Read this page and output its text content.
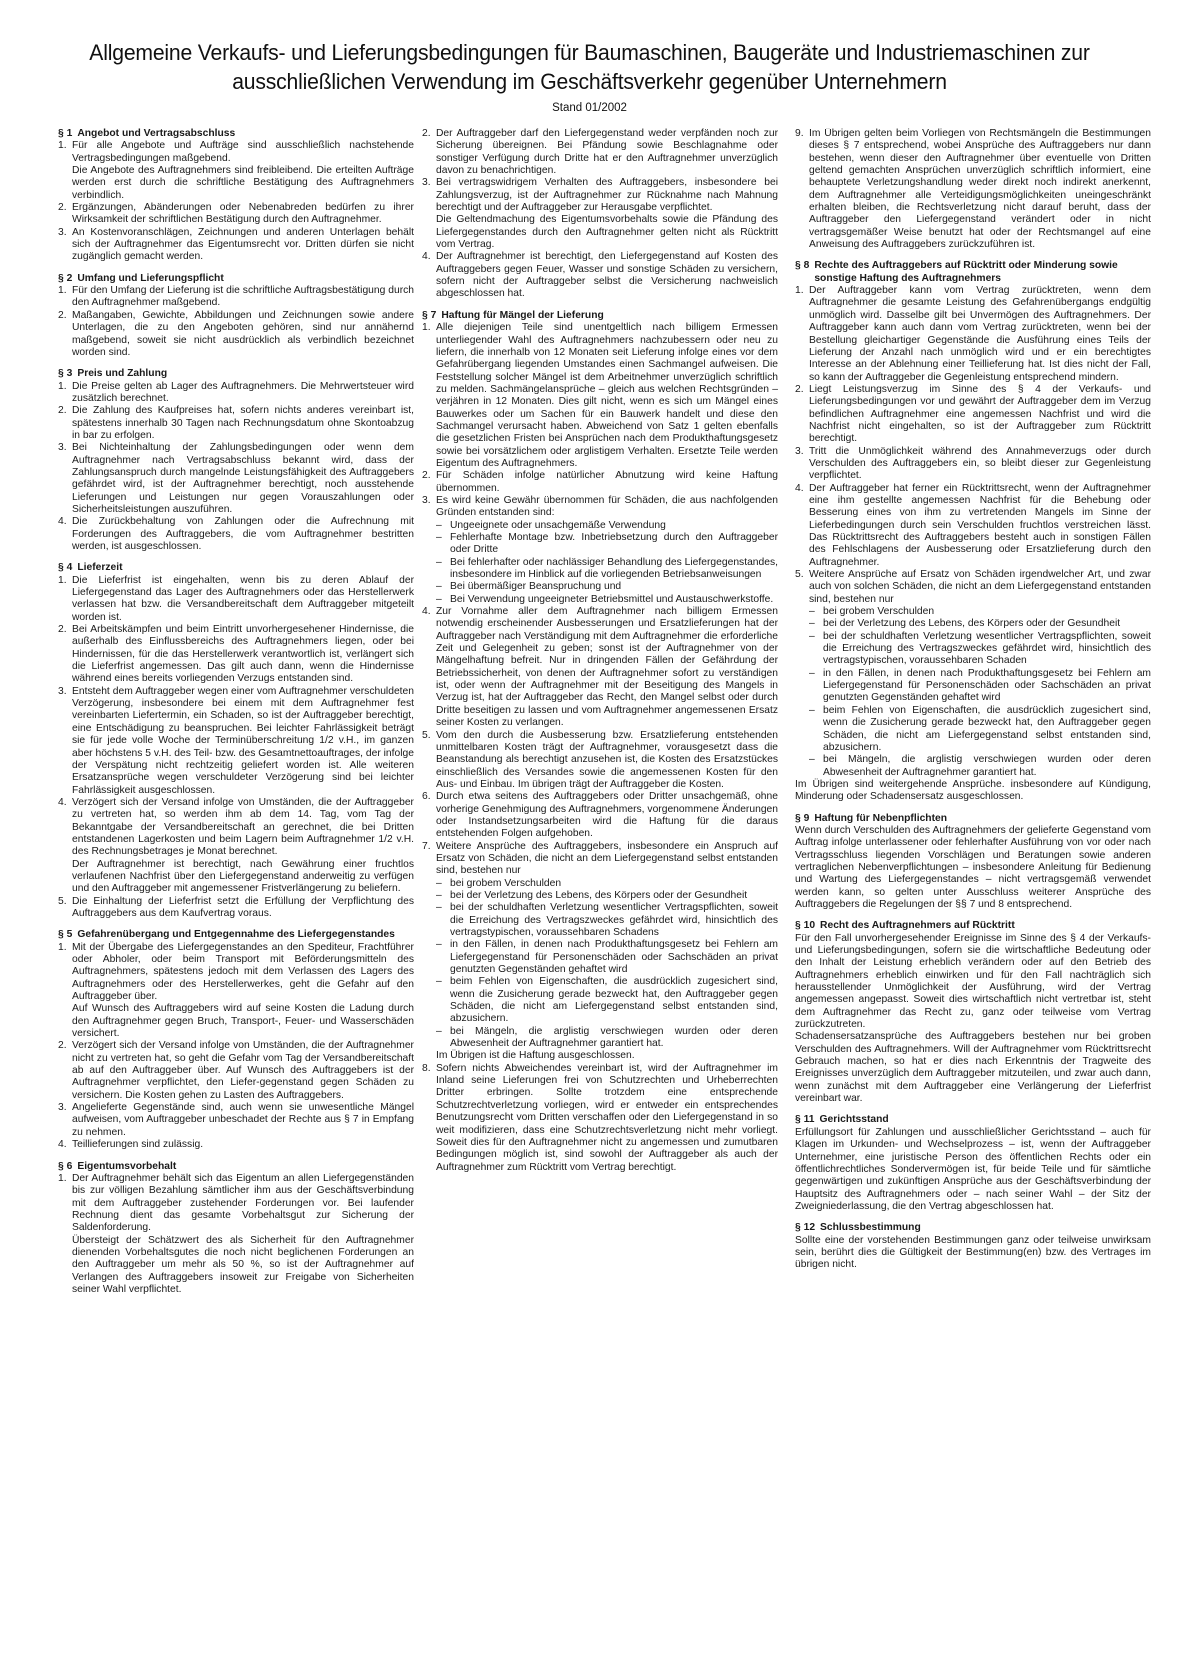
Allgemeine Verkaufs- und Lieferungsbedingungen für Baumaschinen, Baugeräte und Industriemaschinen zur
ausschließlichen Verwendung im Geschäftsverkehr gegenüber Unternehmern
Stand 01/2002
§ 1 Angebot und Vertragsabschluss
1. Für alle Angebote und Aufträge sind ausschließlich nachstehende Vertragsbedingungen maßgebend.

Die Angebote des Auftragnehmers sind freibleibend. Die erteilten Aufträge werden erst durch die schriftliche Bestätigung des Auftragnehmers verbindlich.

2. Ergänzungen, Abänderungen oder Nebenabreden bedürfen zu ihrer Wirksamkeit der schriftlichen Bestätigung durch den Auftragnehmer.
3. An Kostenvoranschlägen, Zeichnungen und anderen Unterlagen behält sich der Auftragnehmer das Eigentumsrecht vor. Dritten dürfen sie nicht zugänglich gemacht werden.
§ 2 Umfang und Lieferungspflicht
1. Für den Umfang der Lieferung ist die schriftliche Auftragsbestätigung durch den Auftragnehmer maßgebend.
2. Maßangaben, Gewichte, Abbildungen und Zeichnungen sowie andere Unterlagen, die zu den Angeboten gehören, sind nur annähernd maßgebend, soweit sie nicht ausdrücklich als verbindlich bezeichnet worden sind.
§ 3 Preis und Zahlung
1. Die Preise gelten ab Lager des Auftragnehmers. Die Mehrwertsteuer wird zusätzlich berechnet.
2. Die Zahlung des Kaufpreises hat, sofern nichts anderes vereinbart ist, spätestens innerhalb 30 Tagen nach Rechnungsdatum ohne Skontoabzug in bar zu erfolgen.
3. Bei Nichteinhaltung der Zahlungsbedingungen oder wenn dem Auftragnehmer nach Vertragsabschluss bekannt wird, dass der Zahlungsanspruch durch mangelnde Leistungsfähigkeit des Auftraggebers gefährdet wird, ist der Auftragnehmer berechtigt, noch ausstehende Lieferungen und Leistungen nur gegen Vorauszahlungen oder Sicherheitsleistungen auszuführen.
4. Die Zurückbehaltung von Zahlungen oder die Aufrechnung mit Forderungen des Auftraggebers, die vom Auftragnehmer bestritten werden, ist ausgeschlossen.
§ 4 Lieferzeit
1. Die Lieferfrist ist eingehalten, wenn bis zu deren Ablauf der Liefergegenstand das Lager des Auftragnehmers oder das Herstellerwerk verlassen hat bzw. die Versandbereitschaft dem Auftraggeber mitgeteilt worden ist.
2. Bei Arbeitskämpfen und beim Eintritt unvorhergesehener Hindernisse, die außerhalb des Einflussbereichs des Auftragnehmers liegen, oder bei Hindernissen, für die das Herstellerwerk verantwortlich ist, verlängert sich die Lieferfrist angemessen. Das gilt auch dann, wenn die Hindernisse während eines bereits vorliegenden Verzugs entstanden sind.
3. Entsteht dem Auftraggeber wegen einer vom Auftragnehmer verschuldeten Verzögerung, insbesondere bei einem mit dem Auftragnehmer fest vereinbarten Liefertermin, ein Schaden, so ist der Auftraggeber berechtigt, eine Entschädigung zu beanspruchen. Bei leichter Fahrlässigkeit beträgt sie für jede volle Woche der Terminüberschreitung 1/2 v.H., im ganzen aber höchstens 5 v.H. des Teil- bzw. des Gesamtnettoauftrages, der infolge der Verspätung nicht rechtzeitig geliefert worden ist. Alle weiteren Ersatzansprüche wegen verschuldeter Verzögerung sind bei leichter Fahrlässigkeit ausgeschlossen.
4. Verzögert sich der Versand infolge von Umständen, die der Auftraggeber zu vertreten hat, so werden ihm ab dem 14. Tag, vom Tag der Bekanntgabe der Versandbereitschaft an gerechnet, die bei Dritten entstandenen Lagerkosten und beim Lagern beim Auftragnehmer 1/2 v.H. des Rechnungsbetrages je Monat berechnet.

Der Auftragnehmer ist berechtigt, nach Gewährung einer fruchtlos verlaufenen Nachfrist über den Liefergegenstand anderweitig zu verfügen und den Auftraggeber mit angemessener Fristverlängerung zu beliefern.

5. Die Einhaltung der Lieferfrist setzt die Erfüllung der Verpflichtung des Auftraggebers aus dem Kaufvertrag voraus.
§ 5 Gefahrenübergang und Entgegennahme des Liefergegenstandes
1. Mit der Übergabe des Liefergegenstandes an den Spediteur, Frachtführer oder Abholer, oder beim Transport mit Beförderungsmitteln des Auftragnehmers, spätestens jedoch mit dem Verlassen des Lagers des Auftragnehmers oder des Herstellerwerkes, geht die Gefahr auf den Auftraggeber über.

Auf Wunsch des Auftraggebers wird auf seine Kosten die Ladung durch den Auftragnehmer gegen Bruch, Transport-, Feuer- und Wasserschäden versichert.

2. Verzögert sich der Versand infolge von Umständen, die der Auftragnehmer nicht zu vertreten hat, so geht die Gefahr vom Tag der Versandbereitschaft ab auf den Auftraggeber über. Auf Wunsch des Auftraggebers ist der Auftragnehmer verpflichtet, den Liefer-gegenstand gegen Schäden zu versichern. Die Kosten gehen zu Lasten des Auftraggebers.
3. Angelieferte Gegenstände sind, auch wenn sie unwesentliche Mängel aufweisen, vom Auftraggeber unbeschadet der Rechte aus § 7 in Empfang zu nehmen.
4. Teillieferungen sind zulässig.
§ 6 Eigentumsvorbehalt
1. Der Auftragnehmer behält sich das Eigentum an allen Liefergegenständen bis zur völligen Bezahlung sämtlicher ihm aus der Geschäftsverbindung mit dem Auftraggeber zustehender Forderungen vor. Bei laufender Rechnung dient das gesamte Vorbehaltsgut zur Sicherung der Saldenforderung.

Übersteigt der Schätzwert des als Sicherheit für den Auftragnehmer dienenden Vorbehaltsgutes die noch nicht beglichenen Forderungen an den Auftraggeber um mehr als 50 %, so ist der Auftragnehmer auf Verlangen des Auftraggebers insoweit zur Freigabe von Sicherheiten seiner Wahl verpflichtet.

2. Der Auftraggeber darf den Liefergegenstand weder verpfänden noch zur Sicherung übereignen. Bei Pfändung sowie Beschlagnahme oder sonstiger Verfügung durch Dritte hat er den Auftragnehmer unverzüglich davon zu benachrichtigen.
3. Bei vertragswidrigem Verhalten des Auftraggebers, insbesondere bei Zahlungsverzug, ist der Auftragnehmer zur Rücknahme nach Mahnung berechtigt und der Auftraggeber zur Herausgabe verpflichtet.

Die Geltendmachung des Eigentumsvorbehalts sowie die Pfändung des Liefergegenstandes durch den Auftragnehmer gelten nicht als Rücktritt vom Vertrag.

4. Der Auftragnehmer ist berechtigt, den Liefergegenstand auf Kosten des Auftraggebers gegen Feuer, Wasser und sonstige Schäden zu versichern, sofern nicht der Auftraggeber selbst die Versicherung nachweislich abgeschlossen hat.
§ 7 Haftung für Mängel der Lieferung
1. Alle diejenigen Teile sind unentgeltlich nach billigem Ermessen unterliegender Wahl des Auftragnehmers nachzubessern oder neu zu liefern, die innerhalb von 12 Monaten seit Lieferung infolge eines vor dem Gefahrübergang liegenden Umstandes einen Sachmangel aufweisen. Die Feststellung solcher Mängel ist dem Arbeitnehmer unverzüglich schriftlich zu melden. Sachmängelansprüche – gleich aus welchen Rechtsgründen – verjähren in 12 Monaten. Dies gilt nicht, wenn es sich um Mängel eines Bauwerkes oder um Sachen für ein Bauwerk handelt und diese den Sachmangel verursacht haben. Abweichend von Satz 1 gelten ebenfalls die gesetzlichen Fristen bei Ansprüchen nach dem Produkthaftungsgesetz sowie bei vorsätzlichem oder arglistigem Verhalten. Ersetzte Teile werden Eigentum des Auftragnehmers.
2. Für Schäden infolge natürlicher Abnutzung wird keine Haftung übernommen.
3. Es wird keine Gewähr übernommen für Schäden, die aus nachfolgenden Gründen entstanden sind:

– Ungeeignete oder unsachgemäße Verwendung
– Fehlerhafte Montage bzw. Inbetriebsetzung durch den Auftraggeber oder Dritte
– Bei fehlerhafter oder nachlässiger Behandlung des Liefergegenstandes, insbesondere im Hinblick auf die vorliegenden Betriebsanweisungen
– Bei übermäßiger Beanspruchung und
– Bei Verwendung ungeeigneter Betriebsmittel und Austauschwerkstoffe.
4. Zur Vornahme aller dem Auftragnehmer nach billigem Ermessen notwendig erscheinender Ausbesserungen und Ersatzlieferungen hat der Auftraggeber nach Verständigung mit dem Auftragnehmer die erforderliche Zeit und Gelegenheit zu geben; sonst ist der Auftragnehmer von der Mängelhaftung befreit. Nur in dringenden Fällen der Gefährdung der Betriebssicherheit, von denen der Auftragnehmer sofort zu verständigen ist, oder wenn der Auftragnehmer mit der Beseitigung des Mangels in Verzug ist, hat der Auftraggeber das Recht, den Mangel selbst oder durch Dritte beseitigen zu lassen und vom Auftragnehmer angemessenen Ersatz seiner Kosten zu verlangen.
5. Vom den durch die Ausbesserung bzw. Ersatzlieferung entstehenden unmittelbaren Kosten trägt der Auftragnehmer, vorausgesetzt dass die Beanstandung als berechtigt anzusehen ist, die Kosten des Ersatzstückes einschließlich des Versandes sowie die angemessenen Kosten für den Aus- und Einbau. Im übrigen trägt der Auftraggeber die Kosten.
6. Durch etwa seitens des Auftraggebers oder Dritter unsachgemäß, ohne vorherige Genehmigung des Auftragnehmers, vorgenommene Änderungen oder Instandsetzungsarbeiten wird die Haftung für die daraus entstehenden Folgen aufgehoben.
7. Weitere Ansprüche des Auftraggebers, insbesondere ein Anspruch auf Ersatz von Schäden, die nicht an dem Liefergegenstand selbst entstanden sind, bestehen nur

– bei grobem Verschulden
– bei der Verletzung des Lebens, des Körpers oder der Gesundheit
– bei der schuldhaften Verletzung wesentlicher Vertragspflichten, soweit die Erreichung des Vertragszweckes gefährdet wird, hinsichtlich des vertragstypischen, voraussehbaren Schadens
– in den Fällen, in denen nach Produkthaftungsgesetz bei Fehlern am Liefergegenstand für Personenschäden oder Sachschäden an privat genutzten Gegenständen gehaftet wird
– beim Fehlen von Eigenschaften, die ausdrücklich zugesichert sind, wenn die Zusicherung gerade bezweckt hat, den Auftraggeber gegen Schäden, die nicht am Liefergegenstand selbst entstanden sind, abzusichern.
– bei Mängeln, die arglistig verschwiegen wurden oder deren Abwesenheit der Auftragnehmer garantiert hat.

Im Übrigen ist die Haftung ausgeschlossen.

8. Sofern nichts Abweichendes vereinbart ist, wird der Auftragnehmer im Inland seine Lieferungen frei von Schutzrechten und Urheberrechten Dritter erbringen. Sollte trotzdem eine entsprechende Schutzrechtverletzung vorliegen, wird er entweder ein entsprechendes Benutzungsrecht vom Dritten verschaffen oder den Liefergegenstand in so weit modifizieren, dass eine Schutzrechtsverletzung nicht mehr vorliegt. Soweit dies für den Auftragnehmer nicht zu angemessen und zumutbaren Bedingungen möglich ist, sind sowohl der Auftraggeber als auch der Auftragnehmer zum Rücktritt vom Vertrag berechtigt.
9. Im Übrigen gelten beim Vorliegen von Rechtsmängeln die Bestimmungen dieses § 7 entsprechend, wobei Ansprüche des Auftraggebers nur dann bestehen, wenn dieser den Auftragnehmer über eventuelle von Dritten geltend gemachten Ansprüchen unverzüglich schriftlich informiert, eine behauptete Verletzungshandlung weder direkt noch indirekt anerkennt, dem Auftragnehmer alle Verteidigungsmöglichkeiten uneingeschränkt erhalten bleiben, die Rechtsverletzung nicht darauf beruht, dass der Auftraggeber den Liefergegenstand verändert oder in nicht vertragsgemäßer Weise benutzt hat oder der Rechtsmangel auf eine Anweisung des Auftraggebers zurückzuführen ist.
§ 8 Rechte des Auftraggebers auf Rücktritt oder Minderung sowie sonstige Haftung des Auftragnehmers
1. Der Auftraggeber kann vom Vertrag zurücktreten, wenn dem Auftragnehmer die gesamte Leistung des Gefahrenübergangs endgültig unmöglich wird. Dasselbe gilt bei Unvermögen des Auftragnehmers. Der Auftraggeber kann auch dann vom Vertrag zurücktreten, wenn bei der Bestellung gleichartiger Gegenstände die Ausführung eines Teils der Lieferung der Anzahl nach unmöglich wird und er ein berechtigtes Interesse an der Ablehnung einer Teillieferung hat. Ist dies nicht der Fall, so kann der Auftraggeber die Gegenleistung entsprechend mindern.
2. Liegt Leistungsverzug im Sinne des § 4 der Verkaufs- und Lieferungsbedingungen vor und gewährt der Auftraggeber dem im Verzug befindlichen Auftragnehmer eine angemessen Nachfrist und wird die Nachfrist nicht eingehalten, so ist der Auftraggeber zum Rücktritt berechtigt.
3. Tritt die Unmöglichkeit während des Annahmeverzugs oder durch Verschulden des Auftraggebers ein, so bleibt dieser zur Gegenleistung verpflichtet.
4. Der Auftraggeber hat ferner ein Rücktrittsrecht, wenn der Auftragnehmer eine ihm gestellte angemessen Nachfrist für die Behebung oder Besserung eines von ihm zu vertretenden Mangels im Sinne der Lieferbedingungen durch sein Verschulden fruchtlos verstreichen lässt. Das Rücktrittsrecht des Auftraggebers besteht auch in sonstigen Fällen des Fehlschlagens der Ausbesserung oder Ersatzlieferung durch den Auftragnehmer.
5. Weitere Ansprüche auf Ersatz von Schäden irgendwelcher Art, und zwar auch von solchen Schäden, die nicht an dem Liefergegenstand entstanden sind, bestehen nur

– bei grobem Verschulden
– bei der Verletzung des Lebens, des Körpers oder der Gesundheit
– bei der schuldhaften Verletzung wesentlicher Vertragspflichten, soweit die Erreichung des Vertragszweckes gefährdet wird, hinsichtlich des vertragstypischen, voraussehbaren Schaden
– in den Fällen, in denen nach Produkthaftungsgesetz bei Fehlern am Liefergegenstand für Personenschäden oder Sachschäden an privat genutzten Gegenständen gehaftet wird
– beim Fehlen von Eigenschaften, die ausdrücklich zugesichert sind, wenn die Zusicherung gerade bezweckt hat, den Auftraggeber gegen Schäden, die nicht am Liefergegenstand selbst entstanden sind, abzusichern.
– bei Mängeln, die arglistig verschwiegen wurden oder deren Abwesenheit der Auftragnehmer garantiert hat.

Im Übrigen sind weitergehende Ansprüche. insbesondere auf Kündigung, Minderung oder Schadensersatz ausgeschlossen.

§ 9 Haftung für Nebenpflichten

Wenn durch Verschulden des Auftragnehmers der gelieferte Gegenstand vom Auftrag infolge unterlassener oder fehlerhafter Ausführung von vor oder nach Vertragsschluss liegenden Vorschlägen und Beratungen sowie anderen vertraglichen Nebenverpflichtungen – insbesondere Anleitung für Bedienung und Wartung des Liefergegenstandes – nicht vertragsgemäß verwendet werden kann, so gelten unter Ausschluss weiterer Ansprüche des Auftraggebers die Regelungen der §§ 7 und 8 entsprechend.

§ 10 Recht des Auftragnehmers auf Rücktritt

Für den Fall unvorhergesehender Ereignisse im Sinne des § 4 der Verkaufs- und Lieferungsbedingungen, sofern sie die wirtschaftliche Bedeutung oder den Inhalt der Leistung erheblich verändern oder auf den Betrieb des Auftragnehmers erheblich einwirken und für den Fall nachträglich sich herausstellender Unmöglichkeit der Ausführung, wird der Vertrag angemessen angepasst. Soweit dies wirtschaftlich nicht vertretbar ist, steht dem Auftragnehmer das Recht zu, ganz oder teilweise vom Vertrag zurückzutreten.

Schadensersatzansprüche des Auftraggebers bestehen nur bei groben Verschulden des Auftragnehmers. Will der Auftragnehmer vom Rücktrittsrecht Gebrauch machen, so hat er dies nach Erkenntnis der Tragweite des Ereignisses unverzüglich dem Auftraggeber mitzuteilen, und zwar auch dann, wenn zunächst mit dem Auftraggeber eine Verlängerung der Lieferfrist vereinbart war.

§ 11 Gerichtsstand

Erfüllungsort für Zahlungen und ausschließlicher Gerichtsstand – auch für Klagen im Urkunden- und Wechselprozess – ist, wenn der Auftraggeber Unternehmer, eine juristische Person des öffentlichen Rechts oder ein öffentlichrechtliches Sondervermögen ist, für beide Teile und für sämtliche gegenwärtigen und zukünftigen Ansprüche aus der Geschäftsverbindung der Hauptsitz des Auftragnehmers oder – nach seiner Wahl – der Sitz der Zweigniederlassung, die den Vertrag abgeschlossen hat.

§ 12 Schlussbestimmung

Sollte eine der vorstehenden Bestimmungen ganz oder teilweise unwirksam sein, berührt dies die Gültigkeit der Bestimmung(en) bzw. des Vertrages im übrigen nicht.
